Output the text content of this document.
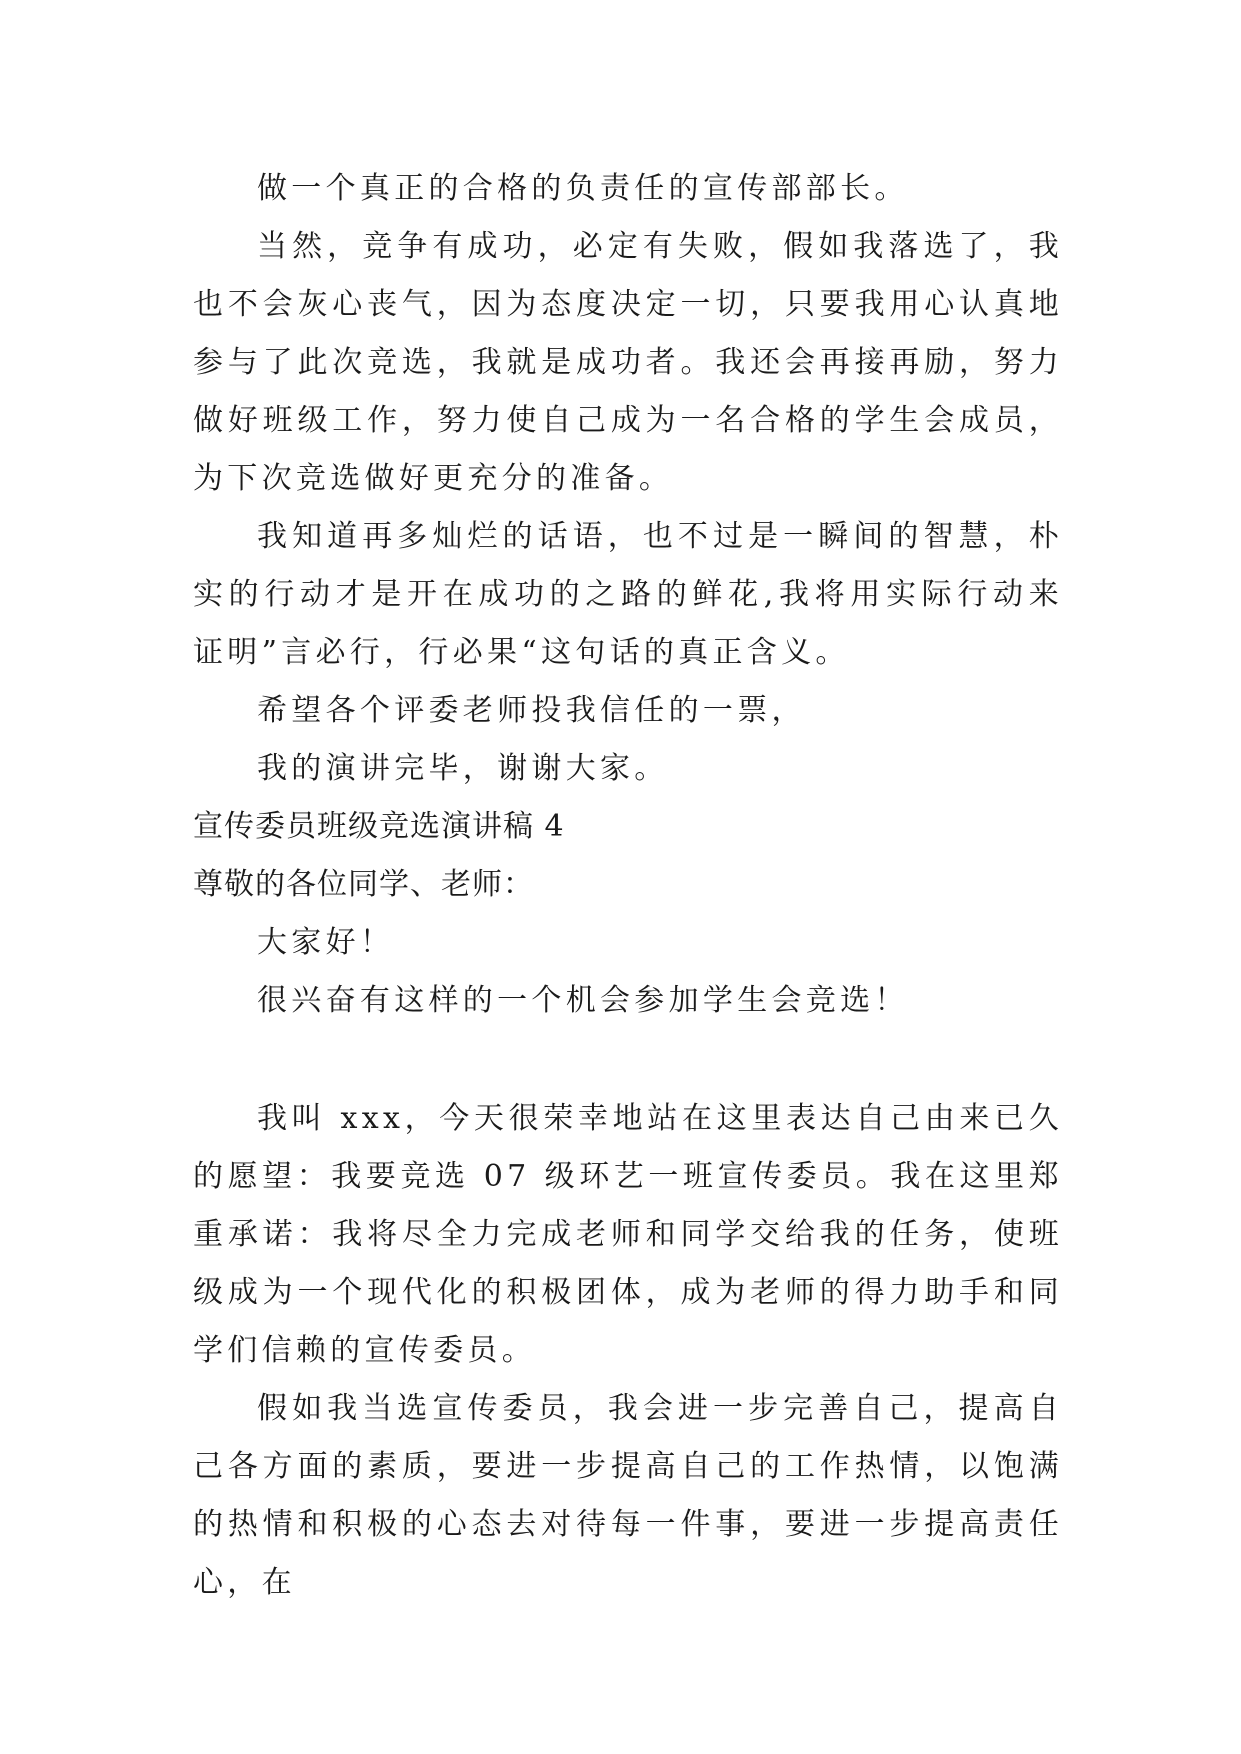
做一个真正的合格的负责任的宣传部部长。

当然，竞争有成功，必定有失败，假如我落选了，我也不会灰心丧气，因为态度决定一切，只要我用心认真地参与了此次竞选，我就是成功者。我还会再接再励，努力做好班级工作，努力使自己成为一名合格的学生会成员，为下次竞选做好更充分的准备。

我知道再多灿烂的话语，也不过是一瞬间的智慧，朴实的行动才是开在成功的之路的鲜花,我将用实际行动来证明”言必行，行必果“这句话的真正含义。

希望各个评委老师投我信任的一票，

我的演讲完毕，谢谢大家。

宣传委员班级竞选演讲稿 4

尊敬的各位同学、老师：

大家好！

很兴奋有这样的一个机会参加学生会竞选！

我叫 xxx，今天很荣幸地站在这里表达自己由来已久的愿望：我要竞选 07 级环艺一班宣传委员。我在这里郑重承诺：我将尽全力完成老师和同学交给我的任务，使班级成为一个现代化的积极团体，成为老师的得力助手和同学们信赖的宣传委员。

假如我当选宣传委员，我会进一步完善自己，提高自己各方面的素质，要进一步提高自己的工作热情，以饱满的热情和积极的心态去对待每一件事，要进一步提高责任心，在
